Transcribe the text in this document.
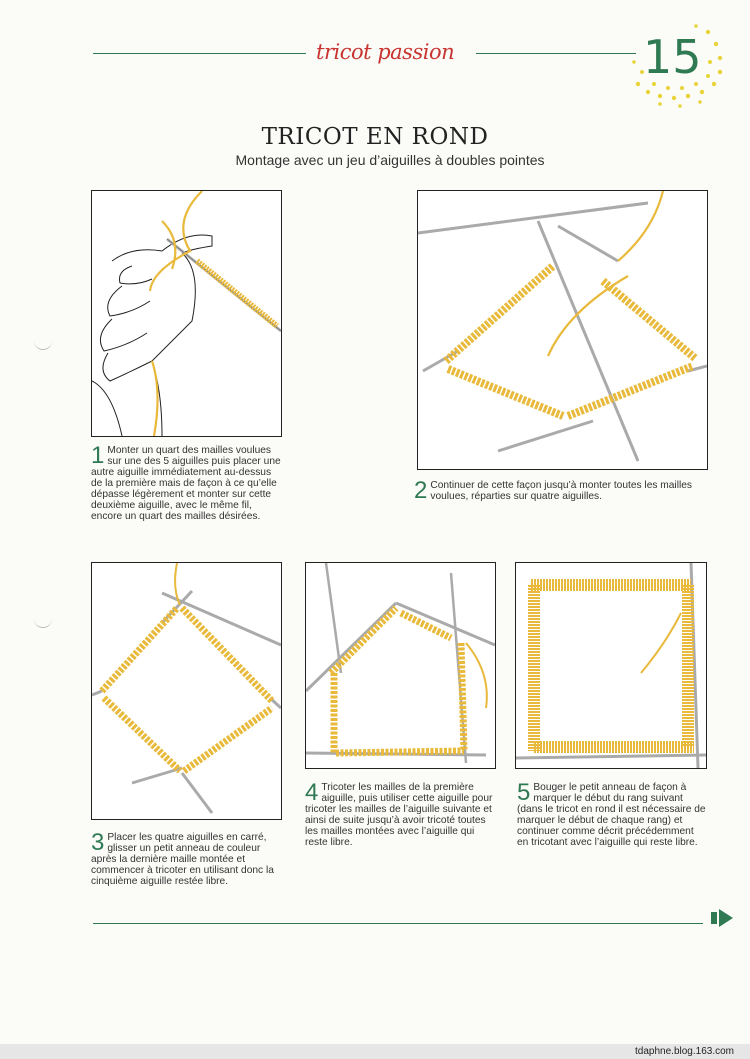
tricot passion	15
TRICOT EN ROND
Montage avec un jeu d’aiguilles à doubles pointes
1 Monter un quart des mailles voulues sur une des 5 aiguilles puis placer une autre aiguille immédiatement au-dessus de la première mais de façon à ce qu’elle dépasse légèrement et monter sur cette deuxième aiguille, avec le même fil, encore un quart des mailles désirées.
2 Continuer de cette façon jusqu’à monter toutes les mailles voulues, réparties sur quatre aiguilles.
3 Placer les quatre aiguilles en carré, glisser un petit anneau de couleur après la dernière maille montée et commencer à tricoter en utilisant donc la cinquième aiguille restée libre.
4 Tricoter les mailles de la première aiguille, puis utiliser cette aiguille pour tricoter les mailles de l’aiguille suivante et ainsi de suite jusqu’à avoir tricoté toutes les mailles montées avec l’aiguille qui reste libre.
5 Bouger le petit anneau de façon à marquer le début du rang suivant (dans le tricot en rond il est nécessaire de marquer le début de chaque rang) et continuer comme décrit précédemment en tricotant avec l’aiguille qui reste libre.
tdaphne.blog.163.com
